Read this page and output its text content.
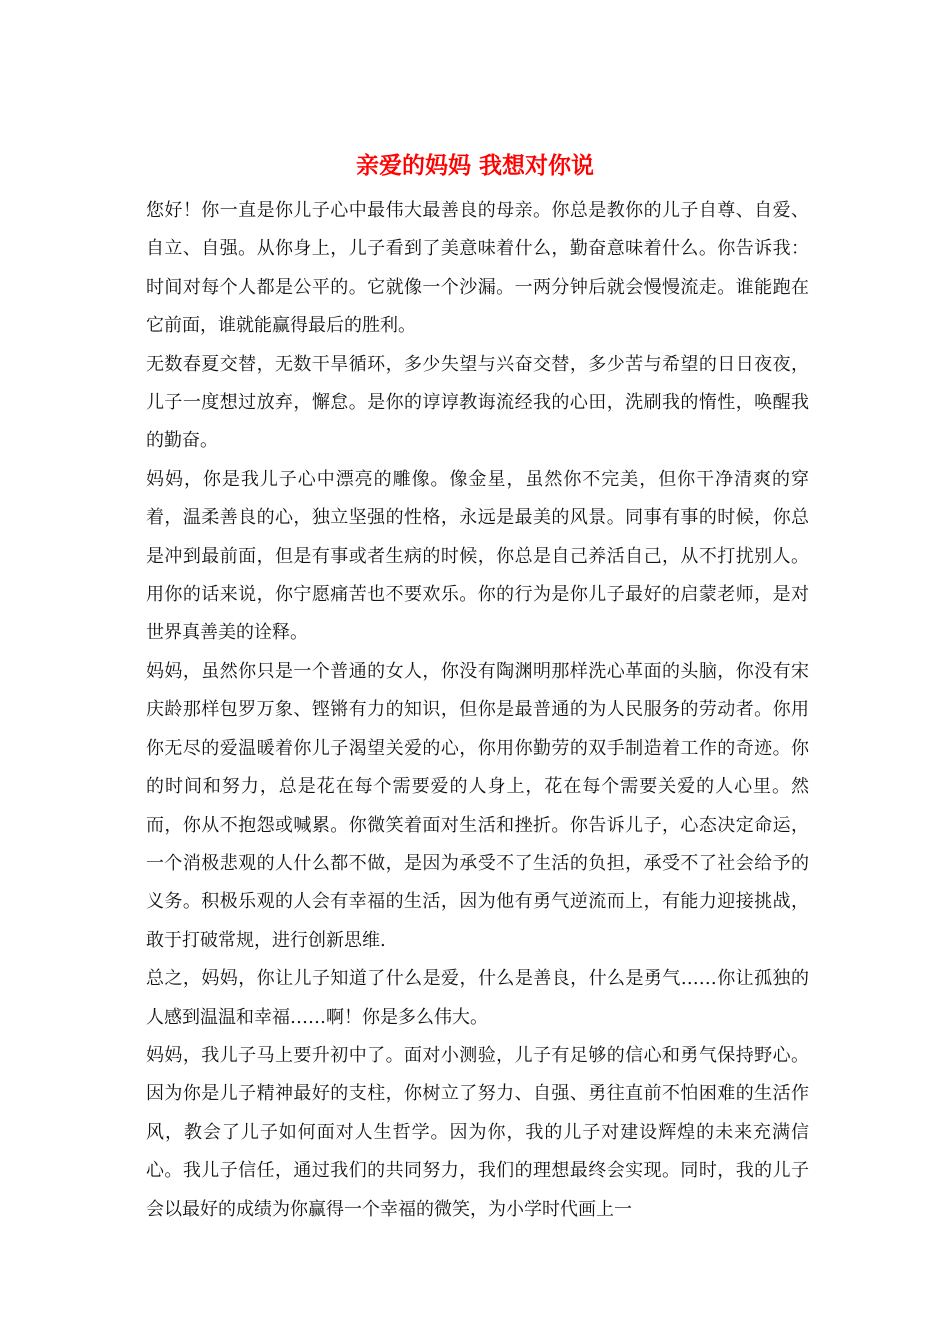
亲爱的妈妈 我想对你说

您好！你一直是你儿子心中最伟大最善良的母亲。你总是教你的儿子自尊、自爱、自立、自强。从你身上，儿子看到了美意味着什么，勤奋意味着什么。你告诉我：时间对每个人都是公平的。它就像一个沙漏。一两分钟后就会慢慢流走。谁能跑在它前面，谁就能赢得最后的胜利。

无数春夏交替，无数干旱循环，多少失望与兴奋交替，多少苦与希望的日日夜夜，儿子一度想过放弃，懈怠。是你的谆谆教诲流经我的心田，洗刷我的惰性，唤醒我的勤奋。

妈妈，你是我儿子心中漂亮的雕像。像金星，虽然你不完美，但你干净清爽的穿着，温柔善良的心，独立坚强的性格，永远是最美的风景。同事有事的时候，你总是冲到最前面，但是有事或者生病的时候，你总是自己养活自己，从不打扰别人。用你的话来说，你宁愿痛苦也不要欢乐。你的行为是你儿子最好的启蒙老师，是对世界真善美的诠释。

妈妈，虽然你只是一个普通的女人，你没有陶渊明那样洗心革面的头脑，你没有宋庆龄那样包罗万象、铿锵有力的知识，但你是最普通的为人民服务的劳动者。你用你无尽的爱温暖着你儿子渴望关爱的心，你用你勤劳的双手制造着工作的奇迹。你的时间和努力，总是花在每个需要爱的人身上，花在每个需要关爱的人心里。然而，你从不抱怨或喊累。你微笑着面对生活和挫折。你告诉儿子，心态决定命运，一个消极悲观的人什么都不做，是因为承受不了生活的负担，承受不了社会给予的义务。积极乐观的人会有幸福的生活，因为他有勇气逆流而上，有能力迎接挑战，敢于打破常规，进行创新思维.

总之，妈妈，你让儿子知道了什么是爱，什么是善良，什么是勇气……你让孤独的人感到温温和幸福……啊！你是多么伟大。

妈妈，我儿子马上要升初中了。面对小测验，儿子有足够的信心和勇气保持野心。因为你是儿子精神最好的支柱，你树立了努力、自强、勇往直前不怕困难的生活作风，教会了儿子如何面对人生哲学。因为你，我的儿子对建设辉煌的未来充满信心。我儿子信任，通过我们的共同努力，我们的理想最终会实现。同时，我的儿子会以最好的成绩为你赢得一个幸福的微笑，为小学时代画上一
